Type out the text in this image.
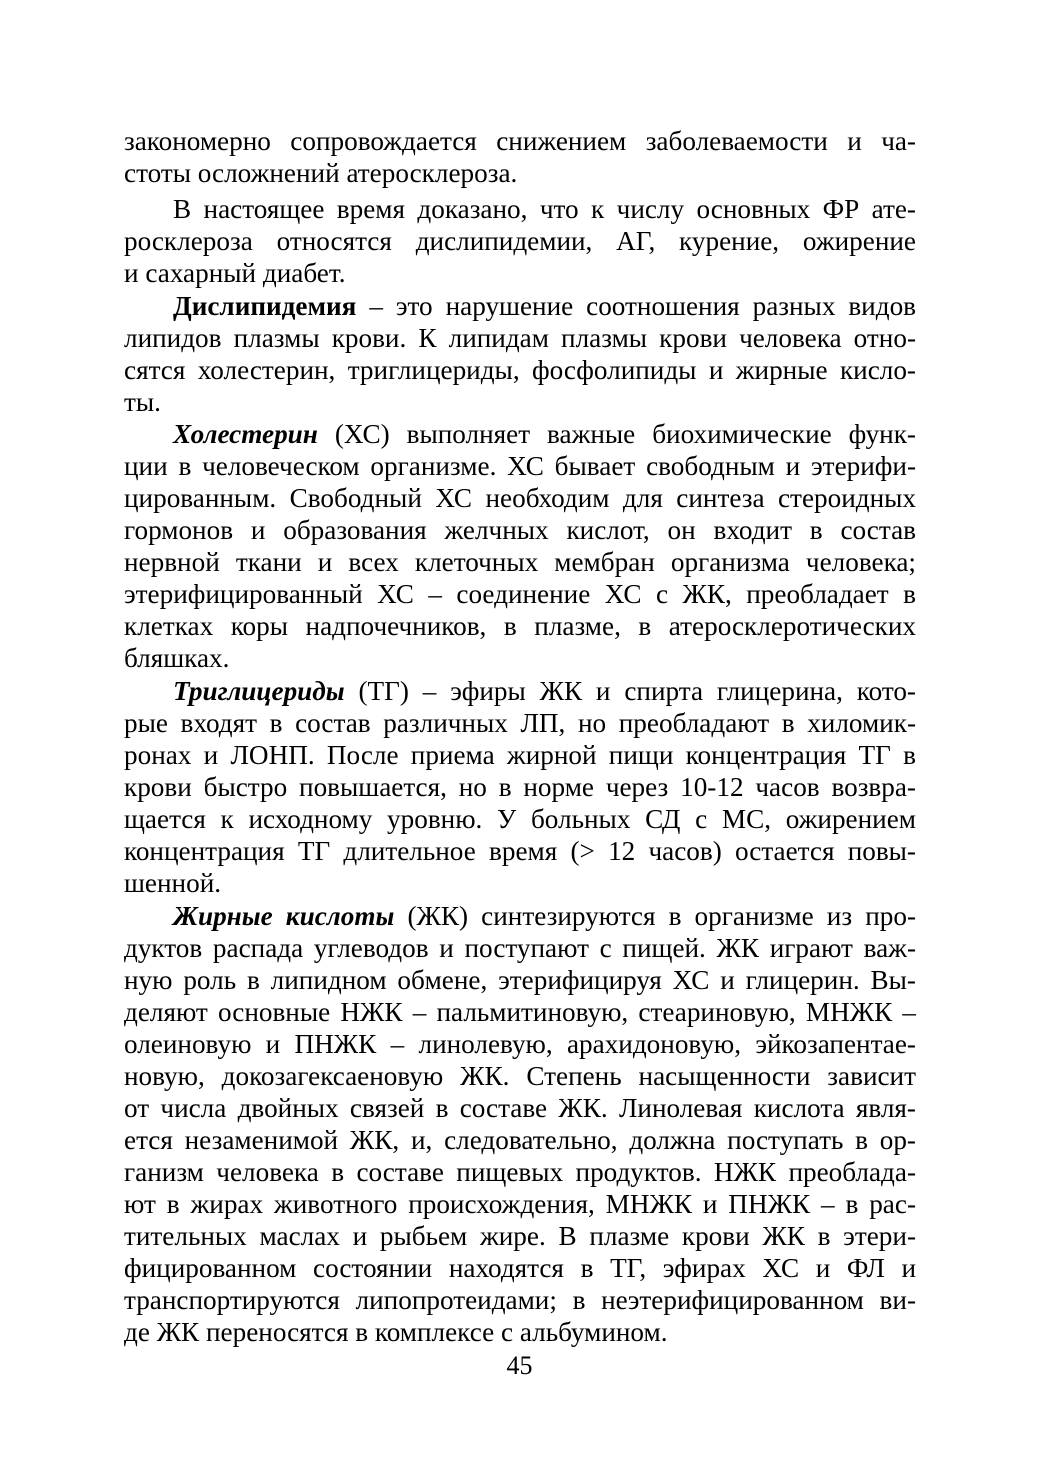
закономерно сопровождается снижением заболеваемости и ча-
стоты осложнений атеросклероза.
В настоящее время доказано, что к числу основных ФР ате-
росклероза относятся дислипидемии, АГ, курение, ожирение
и сахарный диабет.
Дислипидемия – это нарушение соотношения разных видов
липидов плазмы крови. К липидам плазмы крови человека отно-
сятся холестерин, триглицериды, фосфолипиды и жирные кисло-
ты.
Холестерин (ХС) выполняет важные биохимические функ-
ции в человеческом организме. ХС бывает свободным и этерифи-
цированным. Свободный ХС необходим для синтеза стероидных
гормонов и образования желчных кислот, он входит в состав
нервной ткани и всех клеточных мембран организма человека;
этерифицированный ХС – соединение ХС с ЖК, преобладает в
клетках коры надпочечников, в плазме, в атеросклеротических
бляшках.
Триглицериды (ТГ) – эфиры ЖК и спирта глицерина, кото-
рые входят в состав различных ЛП, но преобладают в хиломик-
ронах и ЛОНП. После приема жирной пищи концентрация ТГ в
крови быстро повышается, но в норме через 10-12 часов возвра-
щается к исходному уровню. У больных СД с МС, ожирением
концентрация ТГ длительное время (> 12 часов) остается повы-
шенной.
Жирные кислоты (ЖК) синтезируются в организме из про-
дуктов распада углеводов и поступают с пищей. ЖК играют важ-
ную роль в липидном обмене, этерифицируя ХС и глицерин. Вы-
деляют основные НЖК – пальмитиновую, стеариновую, МНЖК –
олеиновую и ПНЖК – линолевую, арахидоновую, эйкозапентае-
новую, докозагексаеновую ЖК. Степень насыщенности зависит
от числа двойных связей в составе ЖК. Линолевая кислота явля-
ется незаменимой ЖК, и, следовательно, должна поступать в ор-
ганизм человека в составе пищевых продуктов. НЖК преоблада-
ют в жирах животного происхождения, МНЖК и ПНЖК – в рас-
тительных маслах и рыбьем жире. В плазме крови ЖК в этери-
фицированном состоянии находятся в ТГ, эфирах ХС и ФЛ и
транспортируются липопротеидами; в неэтерифицированном ви-
де ЖК переносятся в комплексе с альбумином.
45
